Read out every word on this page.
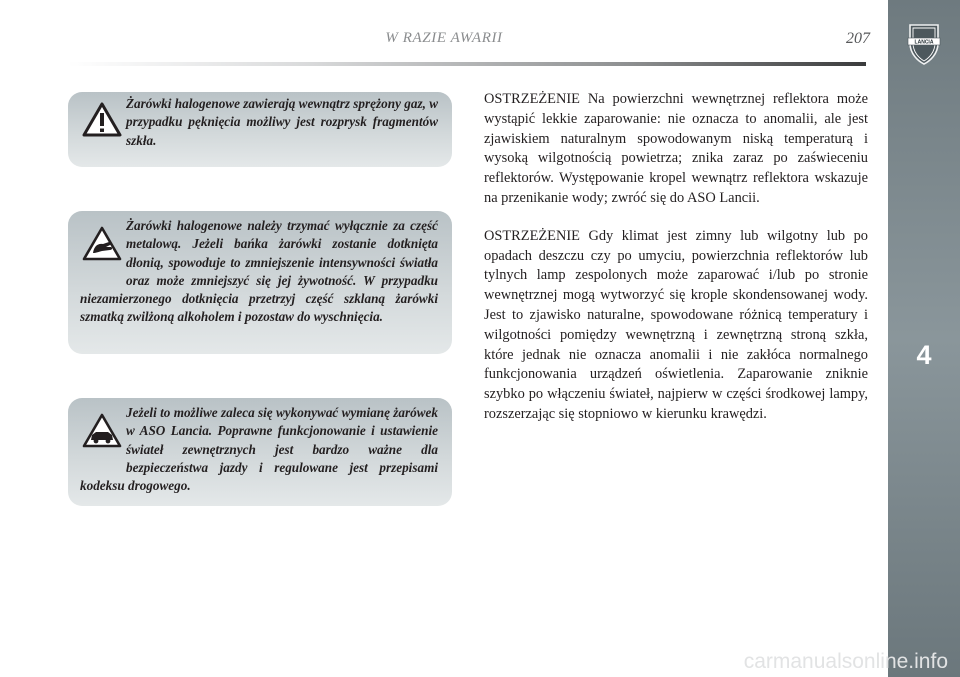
W RAZIE AWARII	207	LANCIA
4
Żarówki halogenowe zawierają wewnątrz sprężony gaz, w przypadku pęknięcia możliwy jest rozprysk fragmentów szkła.
Żarówki halogenowe należy trzymać wyłącznie za część metalową. Jeżeli bańka żarówki zostanie dotknięta dłonią, spowoduje to zmniejszenie intensywności światła oraz może zmniejszyć się jej żywotność. W przypadku niezamierzonego dotknięcia przetrzyj część szklaną żarówki szmatką zwilżoną alkoholem i pozostaw do wyschnięcia.
Jeżeli to możliwe zaleca się wykonywać wymianę żarówek w ASO Lancia. Poprawne funkcjonowanie i ustawienie świateł zewnętrznych jest bardzo ważne dla bezpieczeństwa jazdy i regulowane jest przepisami kodeksu drogowego.

OSTRZEŻENIE Na powierzchni wewnętrznej reflektora może wystąpić lekkie zaparowanie: nie oznacza to anomalii, ale jest zjawiskiem naturalnym spowodowanym niską temperaturą i wysoką wilgotnością powietrza; znika zaraz po zaświeceniu reflektorów. Występowanie kropel wewnątrz reflektora wskazuje na przenikanie wody; zwróć się do ASO Lancii.

OSTRZEŻENIE Gdy klimat jest zimny lub wilgotny lub po opadach deszczu czy po umyciu, powierzchnia reflektorów lub tylnych lamp zespolonych może zaparować i/lub po stronie wewnętrznej mogą wytworzyć się krople skondensowanej wody. Jest to zjawisko naturalne, spowodowane różnicą temperatury i wilgotności pomiędzy wewnętrzną i zewnętrzną stroną szkła, które jednak nie oznacza anomalii i nie zakłóca normalnego funkcjonowania urządzeń oświetlenia. Zaparowanie zniknie szybko po włączeniu świateł, najpierw w części środkowej lampy, rozszerzając się stopniowo w kierunku krawędzi.

carmanualsonline.info
